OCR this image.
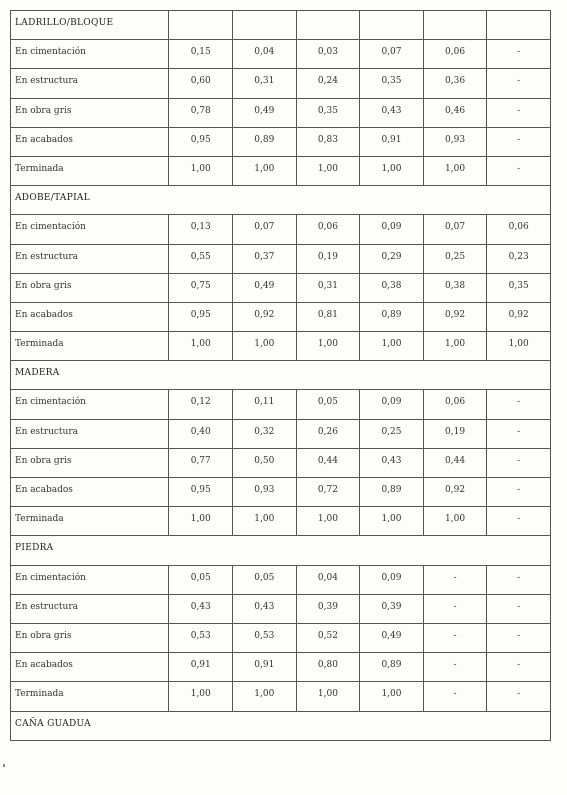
LADRILLO/BLOQUE						
En cimentación	0,15	0,04	0,03	0,07	0,06	-
En estructura	0,60	0,31	0,24	0,35	0,36	-
En obra gris	0,78	0,49	0,35	0,43	0,46	-
En acabados	0,95	0,89	0,83	0,91	0,93	-
Terminada	1,00	1,00	1,00	1,00	1,00	-
ADOBE/TAPIAL						
En cimentación	0,13	0,07	0,06	0,09	0,07	0,06
En estructura	0,55	0,37	0,19	0,29	0,25	0,23
En obra gris	0,75	0,49	0,31	0,38	0,38	0,35
En acabados	0,95	0,92	0,81	0,89	0,92	0,92
Terminada	1,00	1,00	1,00	1,00	1,00	1,00
MADERA						
En cimentación	0,12	0,11	0,05	0,09	0,06	-
En estructura	0,40	0,32	0,26	0,25	0,19	-
En obra gris	0,77	0,50	0,44	0,43	0,44	-
En acabados	0,95	0,93	0,72	0,89	0,92	-
Terminada	1,00	1,00	1,00	1,00	1,00	-
PIEDRA						
En cimentación	0,05	0,05	0,04	0,09	-	-
En estructura	0,43	0,43	0,39	0,39	-	-
En obra gris	0,53	0,53	0,52	0,49	-	-
En acabados	0,91	0,91	0,80	0,89	-	-
Terminada	1,00	1,00	1,00	1,00	-	-
CAÑA GUADUA						
